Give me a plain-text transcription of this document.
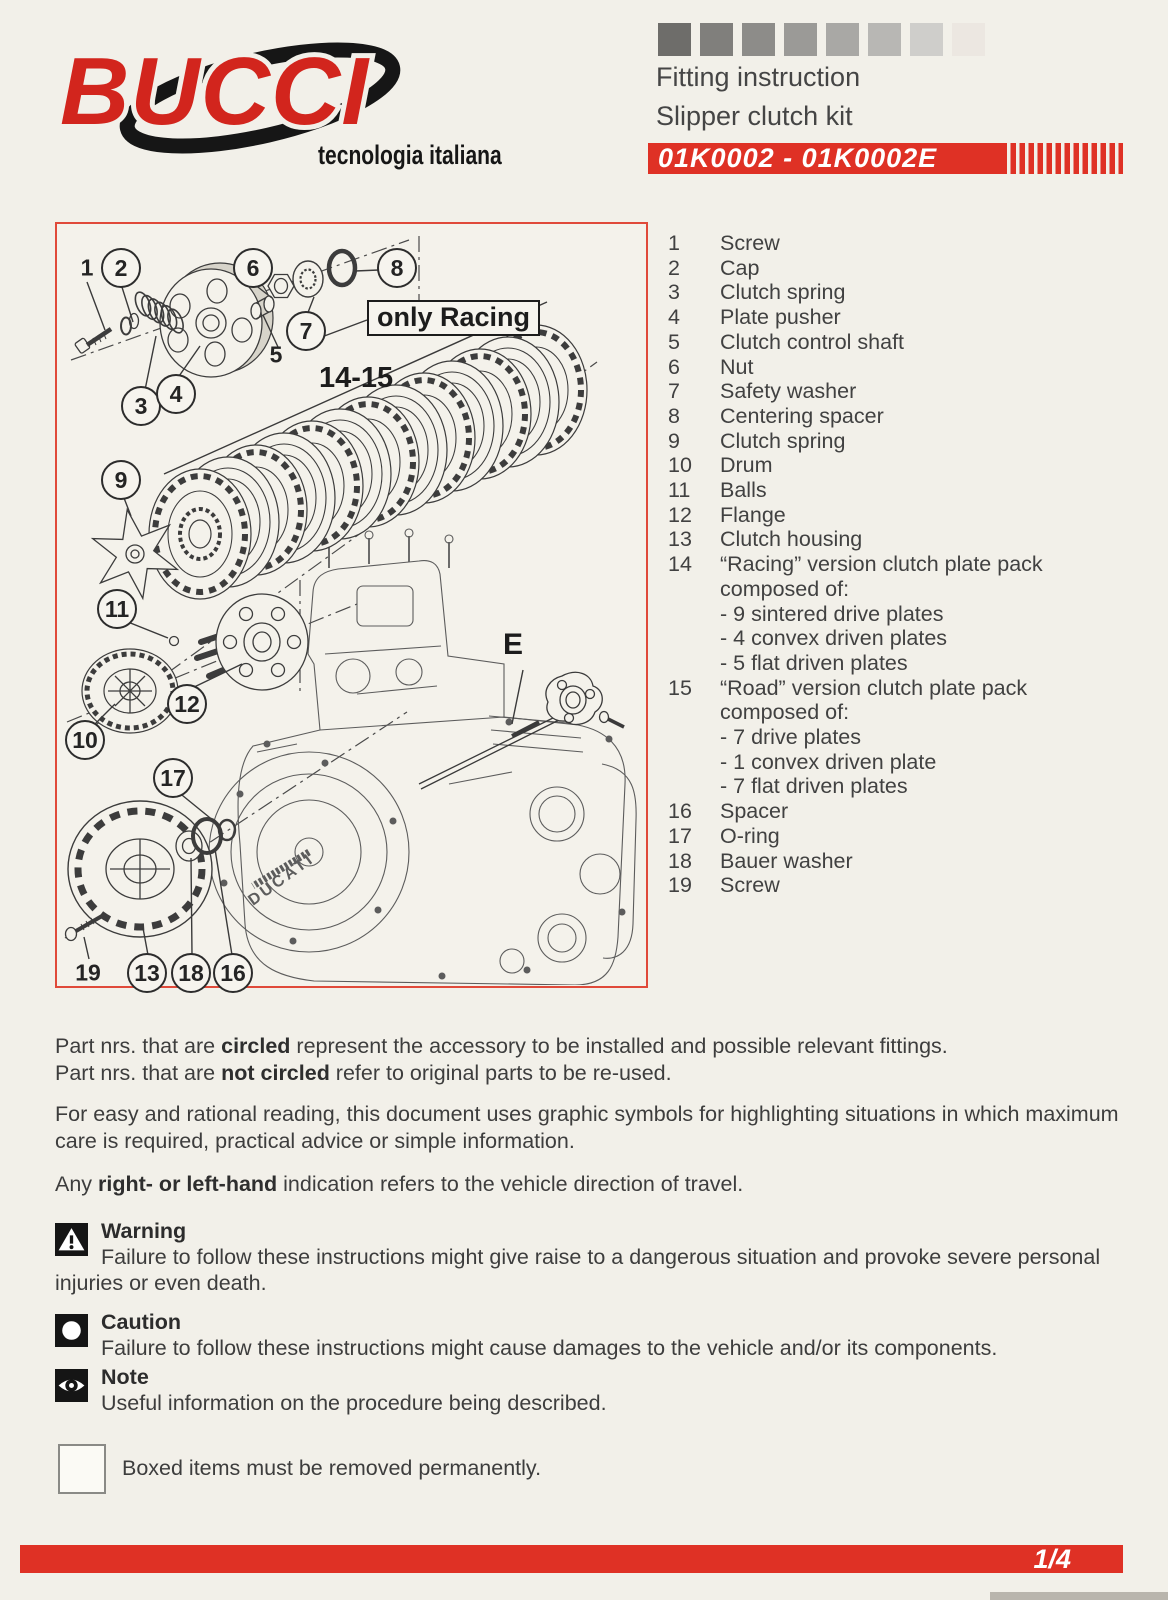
BUCCI
tecnologia italiana
Fitting instruction
Slipper clutch kit
01K0002 - 01K0002E
DUCATI
1 2	6	8
7
5
3 4
9
11
12
10
17
19	13 18 16
only Racing
14-15
E
1	Screw
2	Cap
3	Clutch spring
4	Plate pusher
5	Clutch control shaft
6	Nut
7	Safety washer
8	Centering spacer
9	Clutch spring
10	Drum
11	Balls
12	Flange
13	Clutch housing
14	“Racing” version clutch plate pack
composed of:
- 9 sintered drive plates
- 4 convex driven plates
- 5 flat driven plates
15	“Road” version clutch plate pack
composed of:
- 7 drive plates
- 1 convex driven plate
- 7 flat driven plates
16	Spacer
17	O-ring
18	Bauer washer
19	Screw
Part nrs. that are circled represent the accessory to be installed and possible relevant fittings.
Part nrs. that are not circled refer to original parts to be re-used.
For easy and rational reading, this document uses graphic symbols for highlighting situations in which maximum
care is required, practical advice or simple information.
Any right- or left-hand indication refers to the vehicle direction of travel.
Warning
Failure to follow these instructions might give raise to a dangerous situation and provoke severe personal injuries or even death.
Caution
Failure to follow these instructions might cause damages to the vehicle and/or its components.
Note
Useful information on the procedure being described.
Boxed items must be removed permanently.
1/4
